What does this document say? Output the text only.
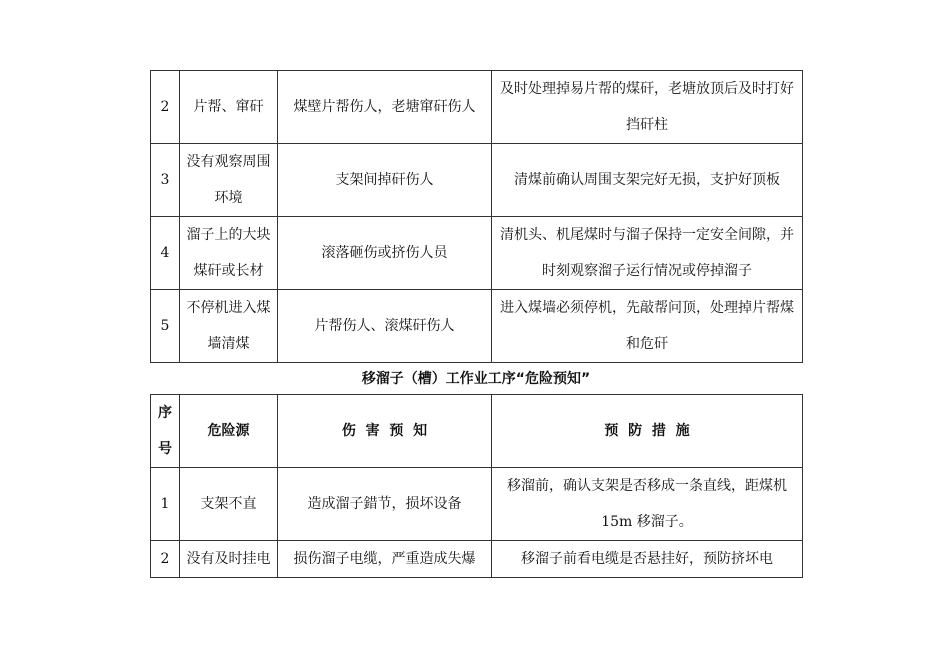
2	片帮、窜矸	煤壁片帮伤人，老塘窜矸伤人	及时处理掉易片帮的煤矸，老塘放顶后及时打好挡矸柱
3	没有观察周围环境	支架间掉矸伤人	清煤前确认周围支架完好无损，支护好顶板
4	溜子上的大块煤矸或长材	滚落砸伤或挤伤人员	清机头、机尾煤时与溜子保持一定安全间隙，并时刻观察溜子运行情况或停掉溜子
5	不停机进入煤墙清煤	片帮伤人、滚煤矸伤人	进入煤墙必须停机，先敲帮问顶，处理掉片帮煤和危矸
移溜子（槽）工作业工序“危险预知”
序号	危险源	伤  害  预  知	预  防  措  施
1	支架不直	造成溜子錯节，损坏设备	移溜前，确认支架是否移成一条直线，距煤机 15m 移溜子。
2	没有及时挂电	损伤溜子电缆，严重造成失爆	移溜子前看电缆是否悬挂好，预防挤坏电
